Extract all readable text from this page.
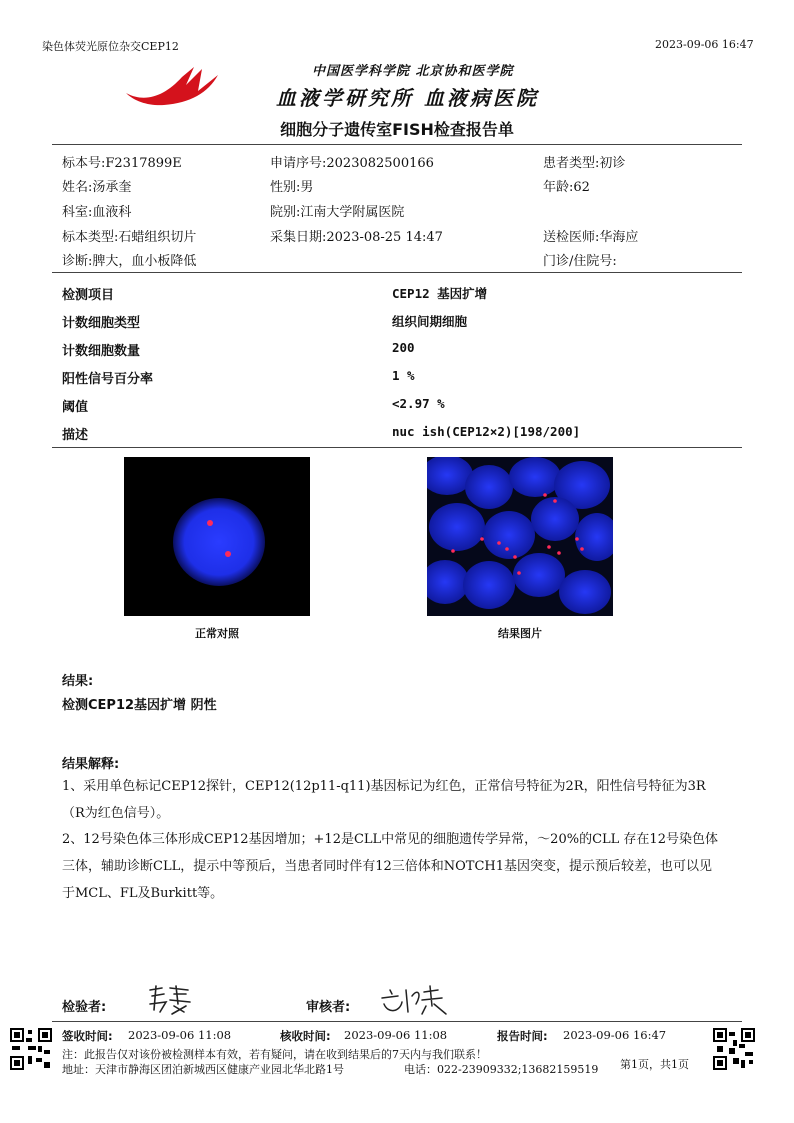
染色体荧光原位杂交CEP12	2023-09-06 16:47
中国医学科学院 北京协和医学院
血液学研究所 血液病医院
细胞分子遗传室FISH检查报告单
标本号:F2317899E	申请序号:2023082500166	患者类型:初诊
姓名:汤承奎	性别:男	年龄:62
科室:血液科	院别:江南大学附属医院
标本类型:石蜡组织切片	采集日期:2023-08-25 14:47	送检医师:华海应
诊断:脾大，血小板降低	门诊/住院号:
检测项目	CEP12 基因扩增
计数细胞类型	组织间期细胞
计数细胞数量	200
阳性信号百分率	1 %
阈值	<2.97 %
描述	nuc ish(CEP12×2)[198/200]
正常对照	结果图片
结果:
检测CEP12基因扩增 阴性
结果解释:
1、采用单色标记CEP12探针，CEP12(12p11-q11)基因标记为红色，正常信号特征为2R，阳性信号特征为3R（R为红色信号）。
2、12号染色体三体形成CEP12基因增加；+12是CLL中常见的细胞遗传学异常，～20%的CLL 存在12号染色体三体，辅助诊断CLL，提示中等预后，当患者同时伴有12三倍体和NOTCH1基因突变，提示预后较差，也可以见于MCL、FL及Burkitt等。
检验者:	审核者:
签收时间: 2023-09-06 11:08	核收时间: 2023-09-06 11:08	报告时间: 2023-09-06 16:47
注：此报告仅对该份被检测样本有效，若有疑问，请在收到结果后的7天内与我们联系！
地址：天津市静海区团泊新城西区健康产业园北华北路1号	电话：022-23909332;13682159519 第1页，共1页
